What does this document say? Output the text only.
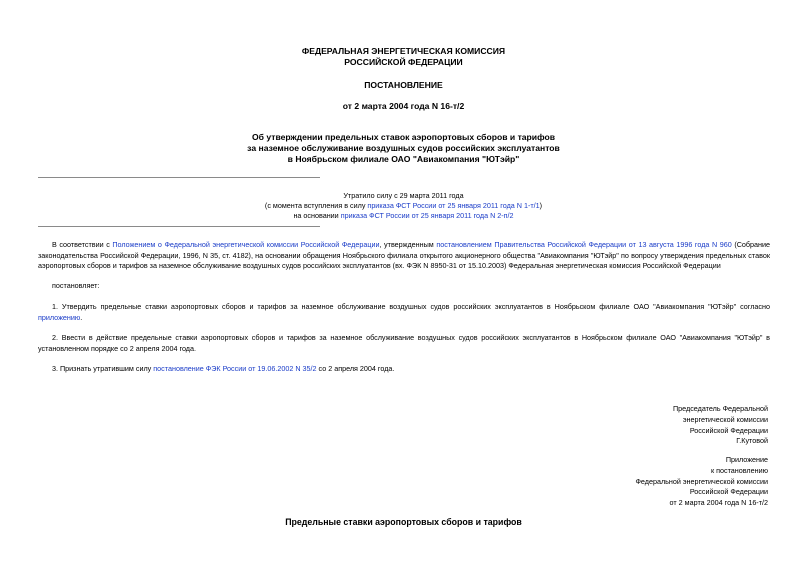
ФЕДЕРАЛЬНАЯ ЭНЕРГЕТИЧЕСКАЯ КОМИССИЯ
РОССИЙСКОЙ ФЕДЕРАЦИИ
ПОСТАНОВЛЕНИЕ
от 2 марта 2004 года N 16-т/2
Об утверждении предельных ставок аэропортовых сборов и тарифов
за наземное обслуживание воздушных судов российских эксплуатантов
в Ноябрьском филиале ОАО "Авиакомпания "ЮТэйр"
Утратило силу с 29 марта 2011 года
(с момента вступления в силу приказа ФСТ России от 25 января 2011 года N 1-т/1)
на основании приказа ФСТ России от 25 января 2011 года N 2-п/2
В соответствии с Положением о Федеральной энергетической комиссии Российской Федерации, утвержденным постановлением Правительства Российской Федерации от 13 августа 1996 года N 960 (Собрание законодательства Российской Федерации, 1996, N 35, ст. 4182), на основании обращения Ноябрьского филиала открытого акционерного общества "Авиакомпания "ЮТэйр" по вопросу утверждения предельных ставок аэропортовых сборов и тарифов за наземное обслуживание воздушных судов российских эксплуатантов (вх. ФЭК N 8950-31 от 15.10.2003) Федеральная энергетическая комиссия Российской Федерации
постановляет:
1. Утвердить предельные ставки аэропортовых сборов и тарифов за наземное обслуживание воздушных судов российских эксплуатантов в Ноябрьском филиале ОАО "Авиакомпания "ЮТэйр" согласно приложению.
2. Ввести в действие предельные ставки аэропортовых сборов и тарифов за наземное обслуживание воздушных судов российских эксплуатантов в Ноябрьском филиале ОАО "Авиакомпания "ЮТэйр" в установленном порядке со 2 апреля 2004 года.
3. Признать утратившим силу постановление ФЭК России от 19.06.2002 N 35/2 со 2 апреля 2004 года.
Председатель Федеральной
энергетической комиссии
Российской Федерации
Г.Кутовой
Приложение
к постановлению
Федеральной энергетической комиссии
Российской Федерации
от 2 марта 2004 года N 16-т/2
Предельные ставки аэропортовых сборов и тарифов
